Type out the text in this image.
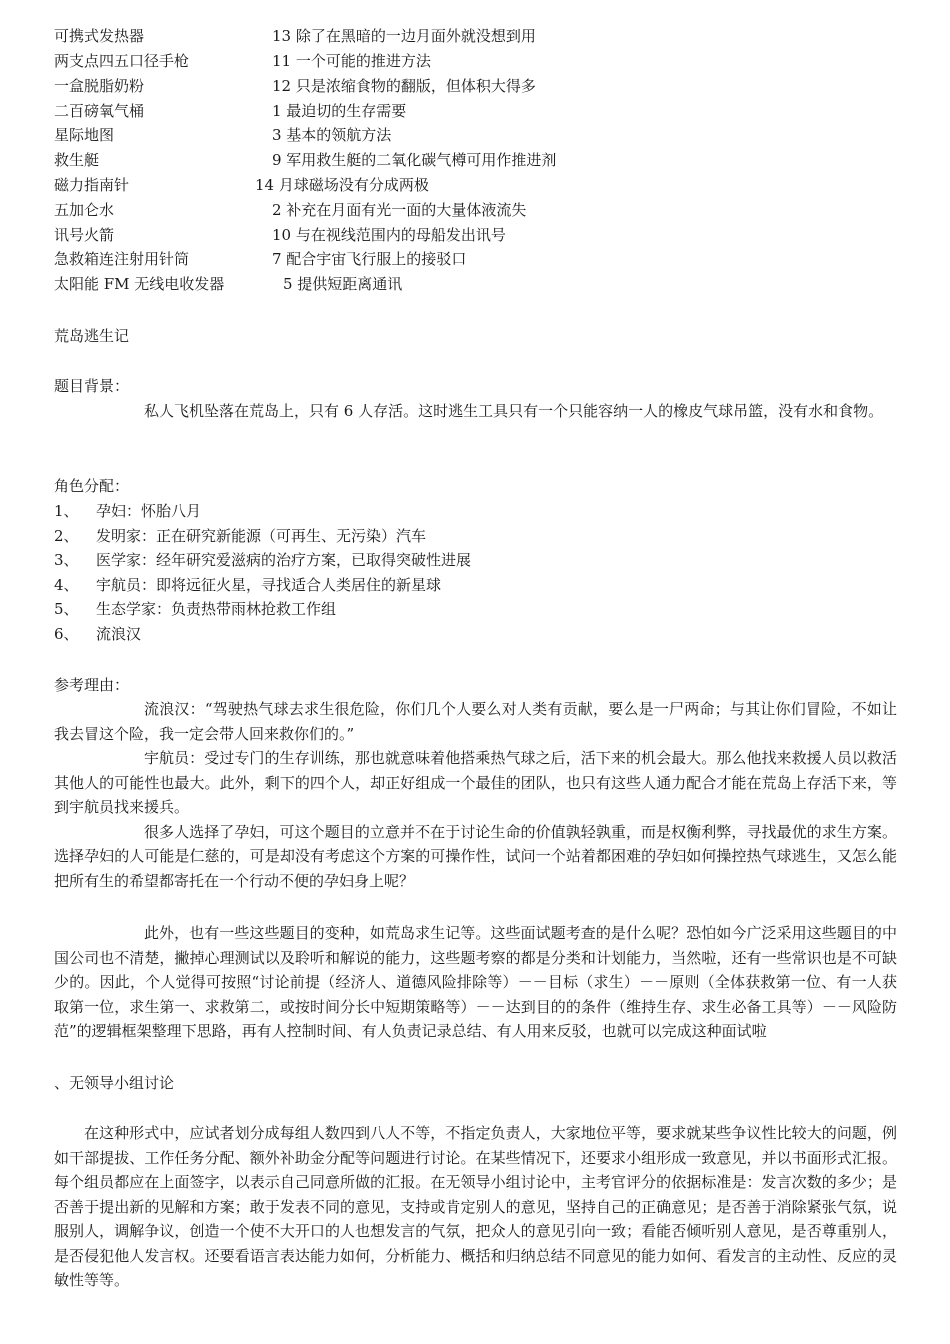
可携式发热器	13 除了在黑暗的一边月面外就没想到用
两支点四五口径手枪	11 一个可能的推进方法
一盒脱脂奶粉	12 只是浓缩食物的翻版，但体积大得多
二百磅氧气桶	1 最迫切的生存需要
星际地图	3 基本的领航方法
救生艇	9 军用救生艇的二氧化碳气樽可用作推进剂
磁力指南针	14 月球磁场没有分成两极
五加仑水	2 补充在月面有光一面的大量体液流失
讯号火箭	10 与在视线范围内的母船发出讯号
急救箱连注射用针筒	7 配合宇宙飞行服上的接驳口
太阳能 FM 无线电收发器	5 提供短距离通讯
荒岛逃生记
题目背景：

私人飞机坠落在荒岛上，只有 6 人存活。这时逃生工具只有一个只能容纳一人的橡皮气球吊篮，没有水和食物。

角色分配：
1、 孕妇：怀胎八月
2、 发明家：正在研究新能源（可再生、无污染）汽车
3、 医学家：经年研究爱滋病的治疗方案，已取得突破性进展
4、 宇航员：即将远征火星，寻找适合人类居住的新星球
5、 生态学家：负责热带雨林抢救工作组
6、 流浪汉
参考理由：

流浪汉：“驾驶热气球去求生很危险，你们几个人要么对人类有贡献，要么是一尸两命；与其让你们冒险，不如让我去冒这个险，我一定会带人回来救你们的。”

宇航员：受过专门的生存训练，那也就意味着他搭乘热气球之后，活下来的机会最大。那么他找来救援人员以救活其他人的可能性也最大。此外，剩下的四个人，却正好组成一个最佳的团队，也只有这些人通力配合才能在荒岛上存活下来，等到宇航员找来援兵。

很多人选择了孕妇，可这个题目的立意并不在于讨论生命的价值孰轻孰重，而是权衡利弊，寻找最优的求生方案。选择孕妇的人可能是仁慈的，可是却没有考虑这个方案的可操作性，试问一个站着都困难的孕妇如何操控热气球逃生，又怎么能把所有生的希望都寄托在一个行动不便的孕妇身上呢？

此外，也有一些这些题目的变种，如荒岛求生记等。这些面试题考查的是什么呢？恐怕如今广泛采用这些题目的中国公司也不清楚，撇掉心理测试以及聆听和解说的能力，这些题考察的都是分类和计划能力，当然啦，还有一些常识也是不可缺少的。因此，个人觉得可按照“讨论前提（经济人、道德风险排除等）－－目标（求生）－－原则（全体获救第一位、有一人获取第一位，求生第一、求救第二，或按时间分长中短期策略等）－－达到目的的条件（维持生存、求生必备工具等）－－风险防范”的逻辑框架整理下思路，再有人控制时间、有人负责记录总结、有人用来反驳，也就可以完成这种面试啦

、无领导小组讨论

在这种形式中，应试者划分成每组人数四到八人不等，不指定负责人，大家地位平等，要求就某些争议性比较大的问题，例如干部提拔、工作任务分配、额外补助金分配等问题进行讨论。在某些情况下，还要求小组形成一致意见，并以书面形式汇报。每个组员都应在上面签字，以表示自己同意所做的汇报。在无领导小组讨论中，主考官评分的依据标准是：发言次数的多少；是否善于提出新的见解和方案；敢于发表不同的意见，支持或肯定别人的意见，坚持自己的正确意见；是否善于消除紧张气氛，说服别人，调解争议，创造一个使不大开口的人也想发言的气氛，把众人的意见引向一致；看能否倾听别人意见，是否尊重别人，是否侵犯他人发言权。还要看语言表达能力如何，分析能力、概括和归纳总结不同意见的能力如何、看发言的主动性、反应的灵敏性等等。
